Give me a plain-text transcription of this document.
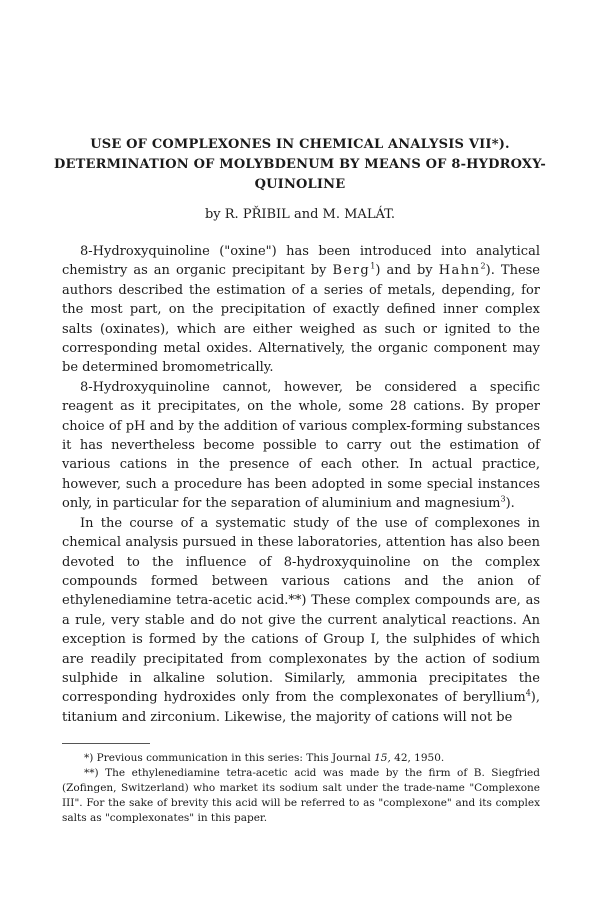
USE OF COMPLEXONES IN CHEMICAL ANALYSIS VII*).
DETERMINATION OF MOLYBDENUM BY MEANS OF 8-HYDROXY-
QUINOLINE
by R. PŘIBIL and M. MALÁT.

8-Hydroxyquinoline ("oxine") has been introduced into analytical chemistry as an organic precipitant by Berg$^1$) and by Hahn$^2$). These authors described the estimation of a series of metals, depending, for the most part, on the precipitation of exactly defined inner complex salts (oxinates), which are either weighed as such or ignited to the corresponding metal oxides. Alternatively, the organic component may be determined bromometrically.

8-Hydroxyquinoline cannot, however, be considered a specific reagent as it precipitates, on the whole, some 28 cations. By proper choice of pH and by the addition of various complex-forming substances it has nevertheless become possible to carry out the estimation of various cations in the presence of each other. In actual practice, however, such a procedure has been adopted in some special instances only, in particular for the separation of aluminium and magnesium$^3$).

In the course of a systematic study of the use of complexones in chemical analysis pursued in these laboratories, attention has also been devoted to the influence of 8-hydroxyquinoline on the complex compounds formed between various cations and the anion of ethylenediamine tetra-acetic acid.**) These complex compounds are, as a rule, very stable and do not give the current analytical reactions. An exception is formed by the cations of Group I, the sulphides of which are readily precipitated from complexonates by the action of sodium sulphide in alkaline solution. Similarly, ammonia precipitates the corresponding hydroxides only from the complexonates of beryllium$^4$), titanium and zirconium. Likewise, the majority of cations will not be

*) Previous communication in this series: This Journal 15, 42, 1950.

**) The ethylenediamine tetra-acetic acid was made by the firm of B. Siegfried (Zofingen, Switzerland) who market its sodium salt under the trade-name "Complexone III". For the sake of brevity this acid will be referred to as "complexone" and its complex salts as "complexonates" in this paper.
